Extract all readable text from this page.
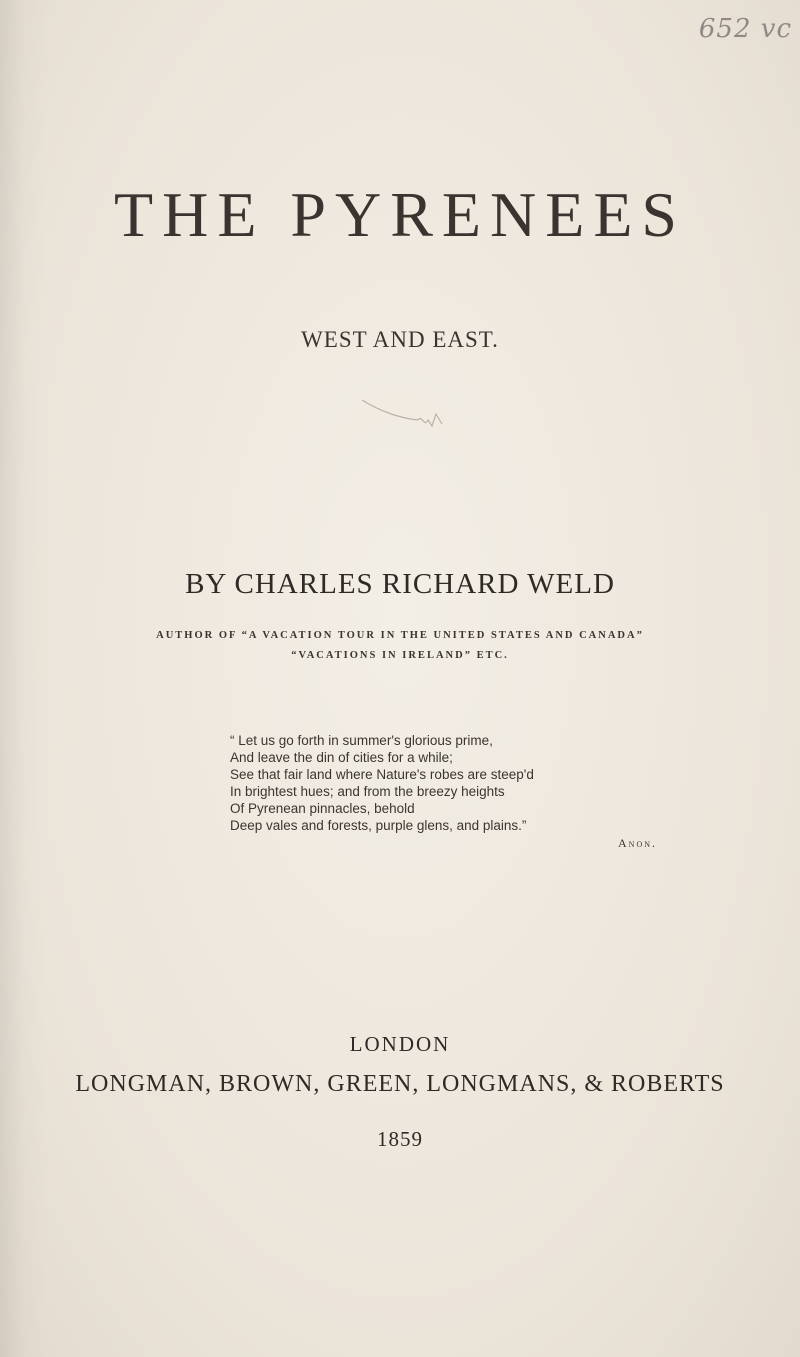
652 vc
THE PYRENEES
WEST AND EAST.
BY CHARLES RICHARD WELD
AUTHOR OF “A VACATION TOUR IN THE UNITED STATES AND CANADA”
“VACATIONS IN IRELAND” ETC.
“ Let us go forth in summer's glorious prime,
And leave the din of cities for a while;
See that fair land where Nature's robes are steep'd
In brightest hues; and from the breezy heights
Of Pyrenean pinnacles, behold
Deep vales and forests, purple glens, and plains.”
Anon.
LONDON
LONGMAN, BROWN, GREEN, LONGMANS, & ROBERTS
1859
